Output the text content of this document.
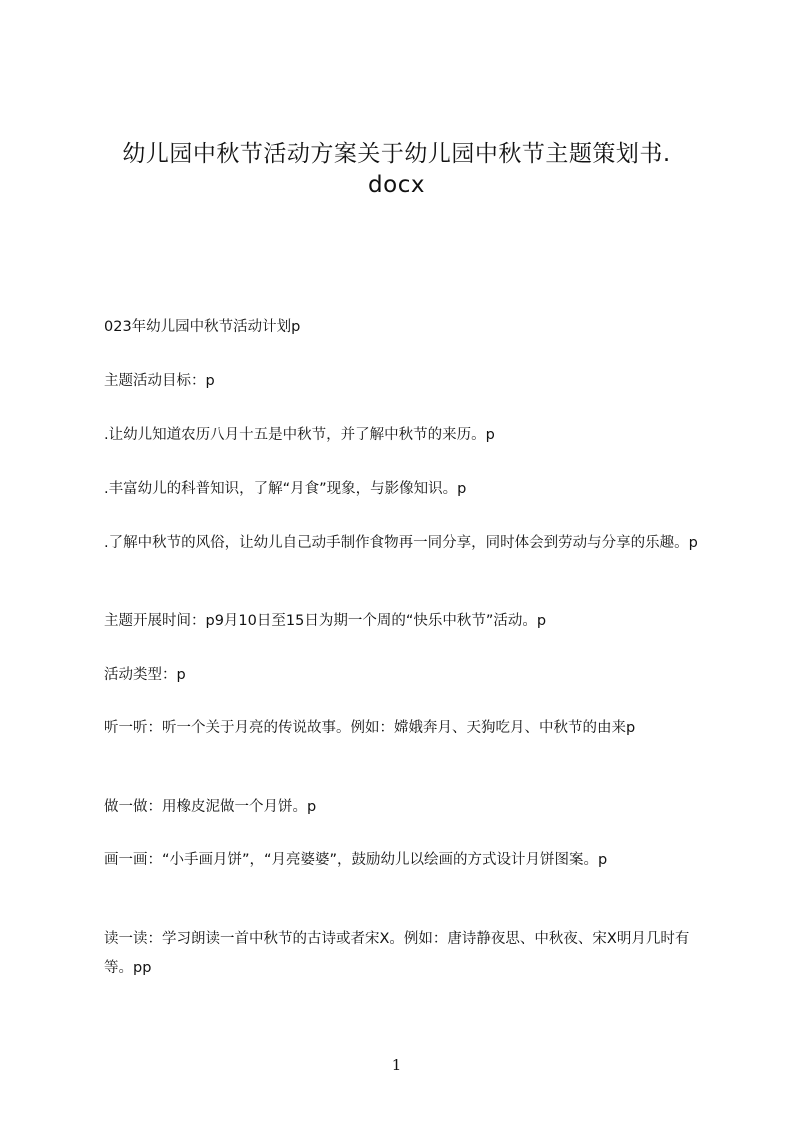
幼儿园中秋节活动方案关于幼儿园中秋节主题策划书.
docx

023年幼儿园中秋节活动计划p

主题活动目标：p

.让幼儿知道农历八月十五是中秋节，并了解中秋节的来历。p

.丰富幼儿的科普知识，了解“月食”现象，与影像知识。p

.了解中秋节的风俗，让幼儿自己动手制作食物再一同分享，同时体会到劳动与分享的乐趣。p

主题开展时间：p9月10日至15日为期一个周的“快乐中秋节”活动。p

活动类型：p

听一听：听一个关于月亮的传说故事。例如：嫦娥奔月、天狗吃月、中秋节的由来p

做一做：用橡皮泥做一个月饼。p

画一画：“小手画月饼”，“月亮婆婆”，鼓励幼儿以绘画的方式设计月饼图案。p

读一读：学习朗读一首中秋节的古诗或者宋X。例如：唐诗静夜思、中秋夜、宋X明月几时有等。pp

1
